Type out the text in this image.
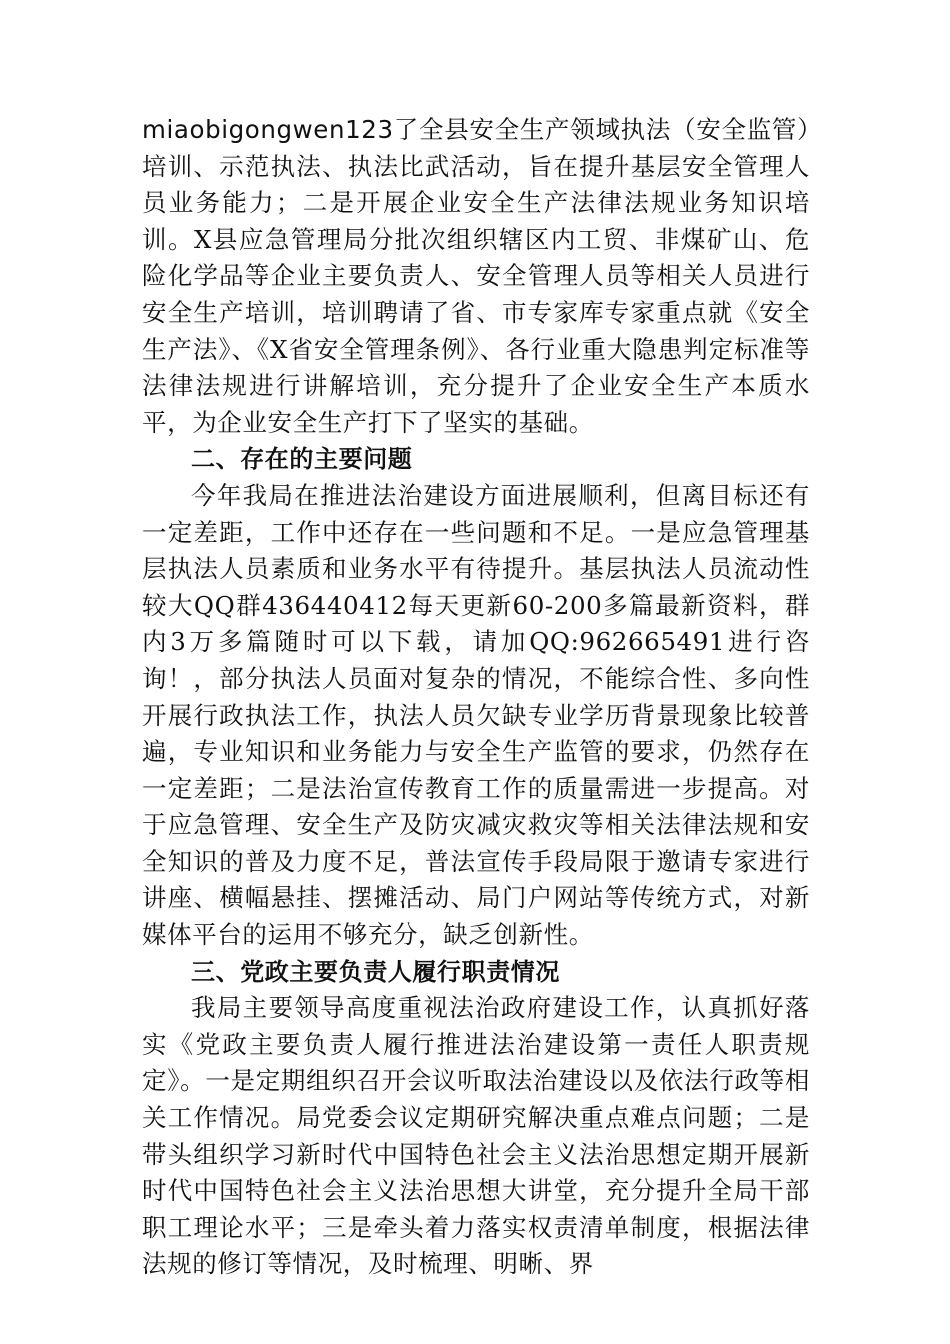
miaobigongwen123了全县安全生产领域执法（安全监管）培训、示范执法、执法比武活动，旨在提升基层安全管理人员业务能力；二是开展企业安全生产法律法规业务知识培训。X县应急管理局分批次组织辖区内工贸、非煤矿山、危险化学品等企业主要负责人、安全管理人员等相关人员进行安全生产培训，培训聘请了省、市专家库专家重点就《安全生产法》、《X省安全管理条例》、各行业重大隐患判定标准等法律法规进行讲解培训，充分提升了企业安全生产本质水平，为企业安全生产打下了坚实的基础。

二、存在的主要问题

今年我局在推进法治建设方面进展顺利，但离目标还有一定差距，工作中还存在一些问题和不足。一是应急管理基层执法人员素质和业务水平有待提升。基层执法人员流动性较大QQ群436440412每天更新60-200多篇最新资料，群内3万多篇随时可以下载，请加QQ:962665491进行咨询！，部分执法人员面对复杂的情况，不能综合性、多向性开展行政执法工作，执法人员欠缺专业学历背景现象比较普遍，专业知识和业务能力与安全生产监管的要求，仍然存在一定差距；二是法治宣传教育工作的质量需进一步提高。对于应急管理、安全生产及防灾减灾救灾等相关法律法规和安全知识的普及力度不足，普法宣传手段局限于邀请专家进行讲座、横幅悬挂、摆摊活动、局门户网站等传统方式，对新媒体平台的运用不够充分，缺乏创新性。

三、党政主要负责人履行职责情况

我局主要领导高度重视法治政府建设工作，认真抓好落实《党政主要负责人履行推进法治建设第一责任人职责规定》。一是定期组织召开会议听取法治建设以及依法行政等相关工作情况。局党委会议定期研究解决重点难点问题；二是带头组织学习新时代中国特色社会主义法治思想定期开展新时代中国特色社会主义法治思想大讲堂，充分提升全局干部职工理论水平；三是牵头着力落实权责清单制度，根据法律法规的修订等情况，及时梳理、明晰、界
